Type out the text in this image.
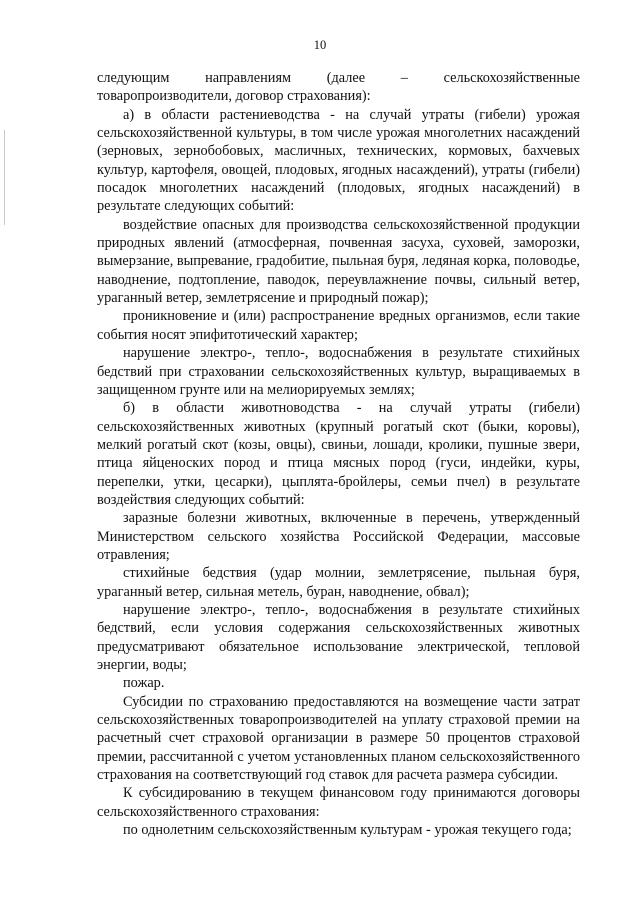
10

следующим направлениям (далее – сельскохозяйственные товаропроизводители, договор страхования):

а) в области растениеводства - на случай утраты (гибели) урожая сельскохозяйственной культуры, в том числе урожая многолетних насаждений (зерновых, зернобобовых, масличных, технических, кормовых, бахчевых культур, картофеля, овощей, плодовых, ягодных насаждений), утраты (гибели) посадок многолетних насаждений (плодовых, ягодных насаждений) в результате следующих событий:

воздействие опасных для производства сельскохозяйственной продукции природных явлений (атмосферная, почвенная засуха, суховей, заморозки, вымерзание, выпревание, градобитие, пыльная буря, ледяная корка, половодье, наводнение, подтопление, паводок, переувлажнение почвы, сильный ветер, ураганный ветер, землетрясение и природный пожар);

проникновение и (или) распространение вредных организмов, если такие события носят эпифитотический характер;

нарушение электро-, тепло-, водоснабжения в результате стихийных бедствий при страховании сельскохозяйственных культур, выращиваемых в защищенном грунте или на мелиорируемых землях;

б) в области животноводства - на случай утраты (гибели) сельскохозяйственных животных (крупный рогатый скот (быки, коровы), мелкий рогатый скот (козы, овцы), свиньи, лошади, кролики, пушные звери, птица яйценоских пород и птица мясных пород (гуси, индейки, куры, перепелки, утки, цесарки), цыплята-бройлеры, семьи пчел) в результате воздействия следующих событий:

заразные болезни животных, включенные в перечень, утвержденный Министерством сельского хозяйства Российской Федерации, массовые отравления;

стихийные бедствия (удар молнии, землетрясение, пыльная буря, ураганный ветер, сильная метель, буран, наводнение, обвал);

нарушение электро-, тепло-, водоснабжения в результате стихийных бедствий, если условия содержания сельскохозяйственных животных предусматривают обязательное использование электрической, тепловой энергии, воды;

пожар.

Субсидии по страхованию предоставляются на возмещение части затрат сельскохозяйственных товаропроизводителей на уплату страховой премии на расчетный счет страховой организации в размере 50 процентов страховой премии, рассчитанной с учетом установленных планом сельскохозяйственного страхования на соответствующий год ставок для расчета размера субсидии.

К субсидированию в текущем финансовом году принимаются договоры сельскохозяйственного страхования:

по однолетним сельскохозяйственным культурам - урожая текущего года;
